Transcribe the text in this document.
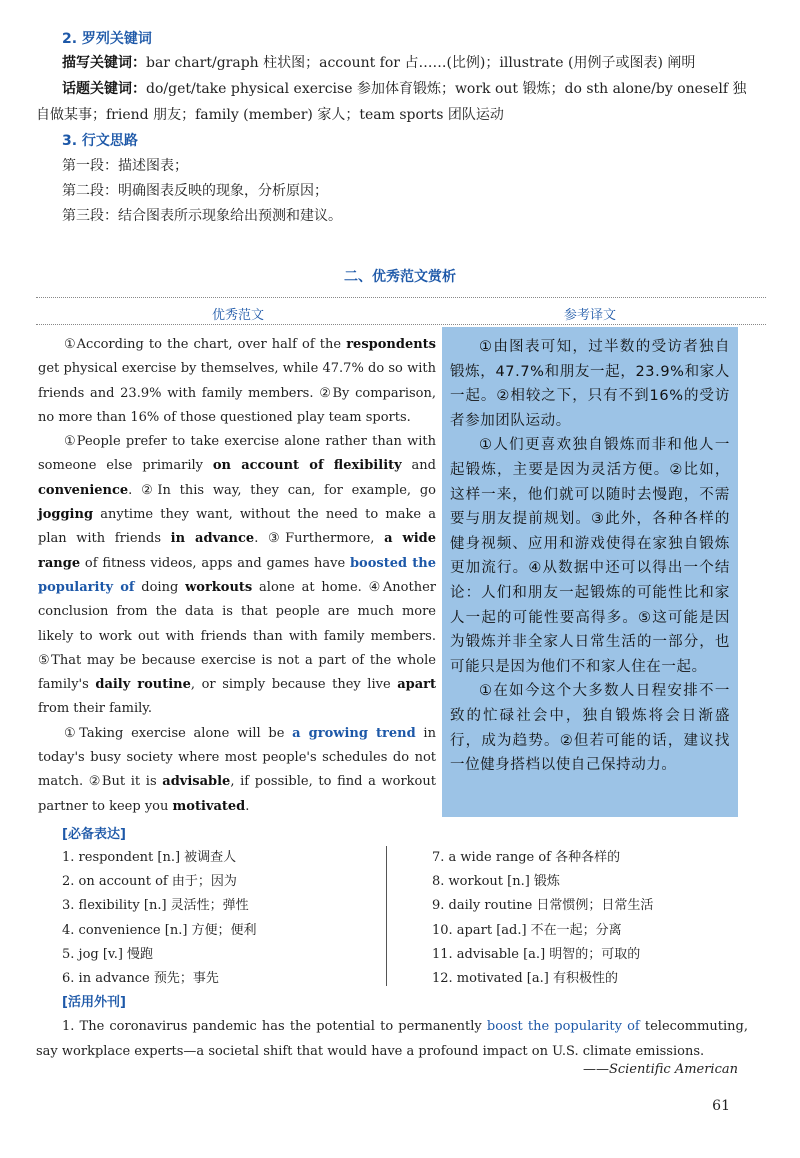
2. 罗列关键词
描写关键词：bar chart/graph 柱状图；account for 占……(比例)；illustrate (用例子或图表) 阐明
话题关键词：do/get/take physical exercise 参加体育锻炼；work out 锻炼；do sth alone/by oneself 独
自做某事；friend 朋友；family (member) 家人；team sports 团队运动
3. 行文思路
第一段：描述图表；
第二段：明确图表反映的现象，分析原因；
第三段：结合图表所示现象给出预测和建议。
二、优秀范文赏析
优秀范文	参考译文

①According to the chart, over half of the respondents get physical exercise by themselves, while 47.7% do so with friends and 23.9% with family members. ②By comparison, no more than 16% of those questioned play team sports.

①People prefer to take exercise alone rather than with someone else primarily on account of flexibility and convenience. ②In this way, they can, for example, go jogging anytime they want, without the need to make a plan with friends in advance. ③Furthermore, a wide range of fitness videos, apps and games have boosted the popularity of doing workouts alone at home. ④Another conclusion from the data is that people are much more likely to work out with friends than with family members. ⑤That may be because exercise is not a part of the whole family's daily routine, or simply because they live apart from their family.

①Taking exercise alone will be a growing trend in today's busy society where most people's schedules do not match. ②But it is advisable, if possible, to find a workout partner to keep you motivated.

①由图表可知，过半数的受访者独自锻炼，47.7%和朋友一起，23.9%和家人一起。②相较之下，只有不到16%的受访者参加团队运动。

①人们更喜欢独自锻炼而非和他人一起锻炼，主要是因为灵活方便。②比如，这样一来，他们就可以随时去慢跑，不需要与朋友提前规划。③此外，各种各样的健身视频、应用和游戏使得在家独自锻炼更加流行。④从数据中还可以得出一个结论：人们和朋友一起锻炼的可能性比和家人一起的可能性要高得多。⑤这可能是因为锻炼并非全家人日常生活的一部分，也可能只是因为他们不和家人住在一起。

①在如今这个大多数人日程安排不一致的忙碌社会中，独自锻炼将会日渐盛行，成为趋势。②但若可能的话，建议找一位健身搭档以使自己保持动力。

[必备表达]
1. respondent [n.] 被调查人
2. on account of 由于；因为
3. flexibility [n.] 灵活性；弹性
4. convenience [n.] 方便；便利
5. jog [v.] 慢跑
6. in advance 预先；事先
7. a wide range of 各种各样的
8. workout [n.] 锻炼
9. daily routine 日常惯例；日常生活
10. apart [ad.] 不在一起；分离
11. advisable [a.] 明智的；可取的
12. motivated [a.] 有积极性的
[活用外刊]
1. The coronavirus pandemic has the potential to permanently boost the popularity of telecommuting, say workplace experts—a societal shift that would have a profound impact on U.S. climate emissions.
——Scientific American
61
